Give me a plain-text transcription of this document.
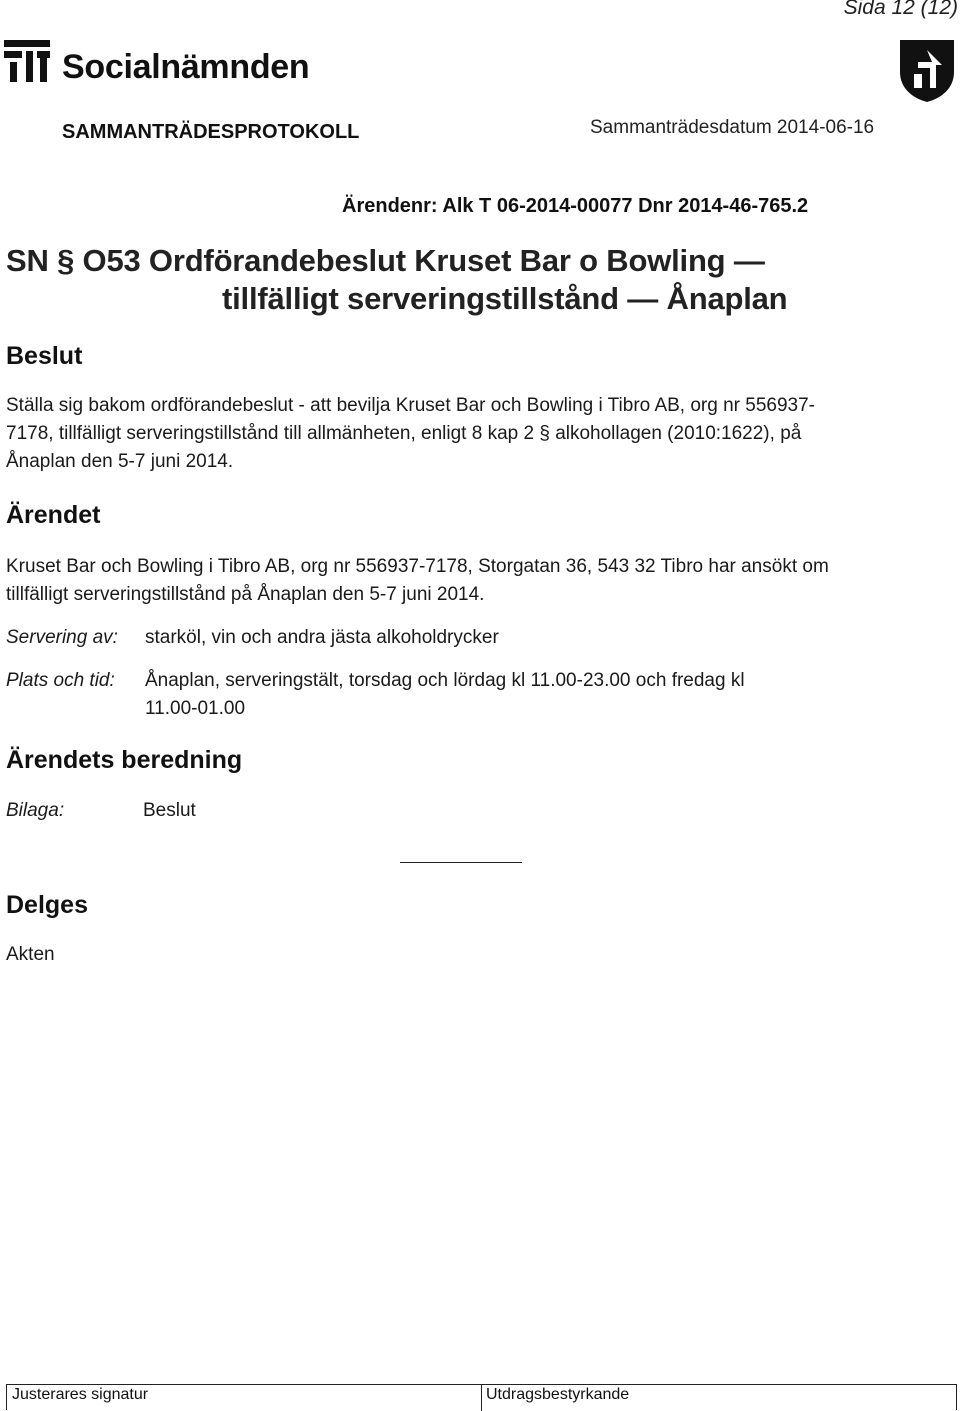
Sida 12 (12)
Socialnämnden
SAMMANTRÄDESPROTOKOLL	Sammanträdesdatum 2014-06-16
Ärendenr: Alk T 06-2014-00077 Dnr 2014-46-765.2
SN § O53 Ordförandebeslut Kruset Bar o Bowling —
tillfälligt serveringstillstånd — Ånaplan
Beslut
Ställa sig bakom ordförandebeslut - att bevilja Kruset Bar och Bowling i Tibro AB, org nr 556937-7178, tillfälligt serveringstillstånd till allmänheten, enligt 8 kap 2 § alkohollagen (2010:1622), på Ånaplan den 5-7 juni 2014.
Ärendet
Kruset Bar och Bowling i Tibro AB, org nr 556937-7178, Storgatan 36, 543 32 Tibro har ansökt om tillfälligt serveringstillstånd på Ånaplan den 5-7 juni 2014.
Servering av: starköl, vin och andra jästa alkoholdrycker
Plats och tid: Ånaplan, serveringstält, torsdag och lördag kl 11.00-23.00 och fredag kl
11.00-01.00
Ärendets beredning
Bilaga:	Beslut
Delges
Akten
Justerares signatur	Utdragsbestyrkande
